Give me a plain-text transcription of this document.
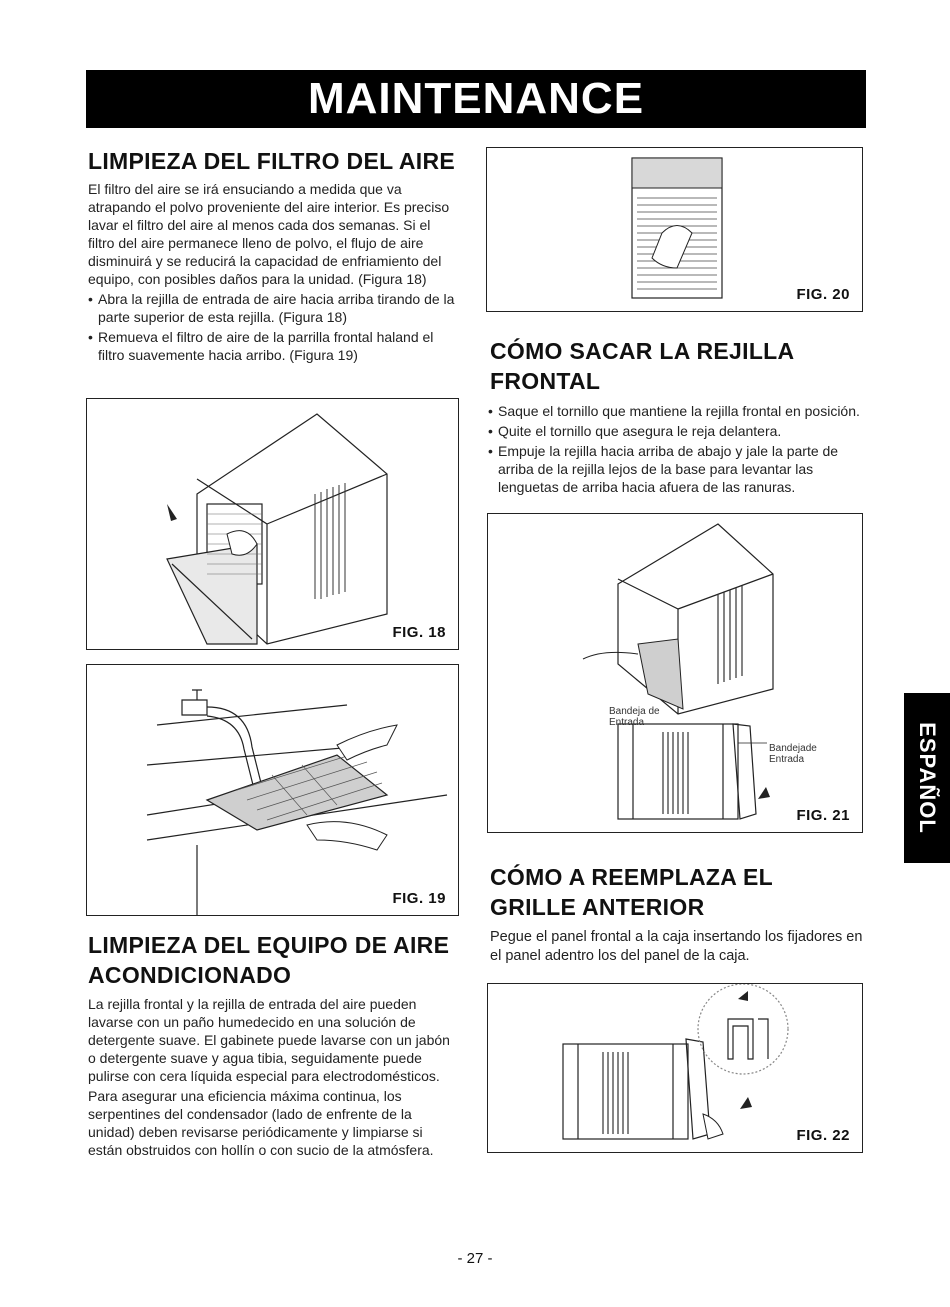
MAINTENANCE
LIMPIEZA DEL FILTRO DEL AIRE

El filtro del aire se irá ensuciando a medida que va atrapando el polvo proveniente del aire interior. Es preciso lavar el filtro del aire al menos cada dos semanas. Si el filtro del aire permanece lleno de polvo, el flujo de aire disminuirá y se reducirá la capacidad de enfriamiento del equipo, con posibles daños para la unidad. (Figura 18)

• Abra la rejilla de entrada de aire hacia arriba tirando de la parte superior de esta rejilla. (Figura 18)
• Remueva el filtro de aire de la parrilla frontal haland el filtro suavemente hacia arribo. (Figura 19)
FIG. 18
FIG. 19
LIMPIEZA DEL EQUIPO DE AIRE
ACONDICIONADO

La rejilla frontal y la rejilla de entrada del aire pueden lavarse con un paño humedecido en una solución de detergente suave. El gabinete puede lavarse con un jabón o detergente suave y agua tibia, seguidamente puede pulirse con cera líquida especial para electrodomésticos.

Para asegurar una eficiencia máxima continua, los serpentines del condensador (lado de enfrente de la unidad) deben revisarse periódicamente y limpiarse si están obstruidos con hollín o con sucio de la atmósfera.

FIG. 20
CÓMO SACAR LA REJILLA
FRONTAL
• Saque el tornillo que mantiene la rejilla frontal en posición.
• Quite el tornillo que asegura le reja delantera.
• Empuje la rejilla hacia arriba de abajo y jale la parte de arriba de la rejilla lejos de la base para levantar las lenguetas de arriba hacia afuera de las ranuras.
Bandeja de
Entrada
Bandejade
Entrada
FIG. 21
CÓMO A REEMPLAZA EL
GRILLE ANTERIOR

Pegue el panel frontal a la caja insertando los fijadores en el panel adentro los del panel de la caja.

FIG. 22
ESPAÑOL
- 27 -
